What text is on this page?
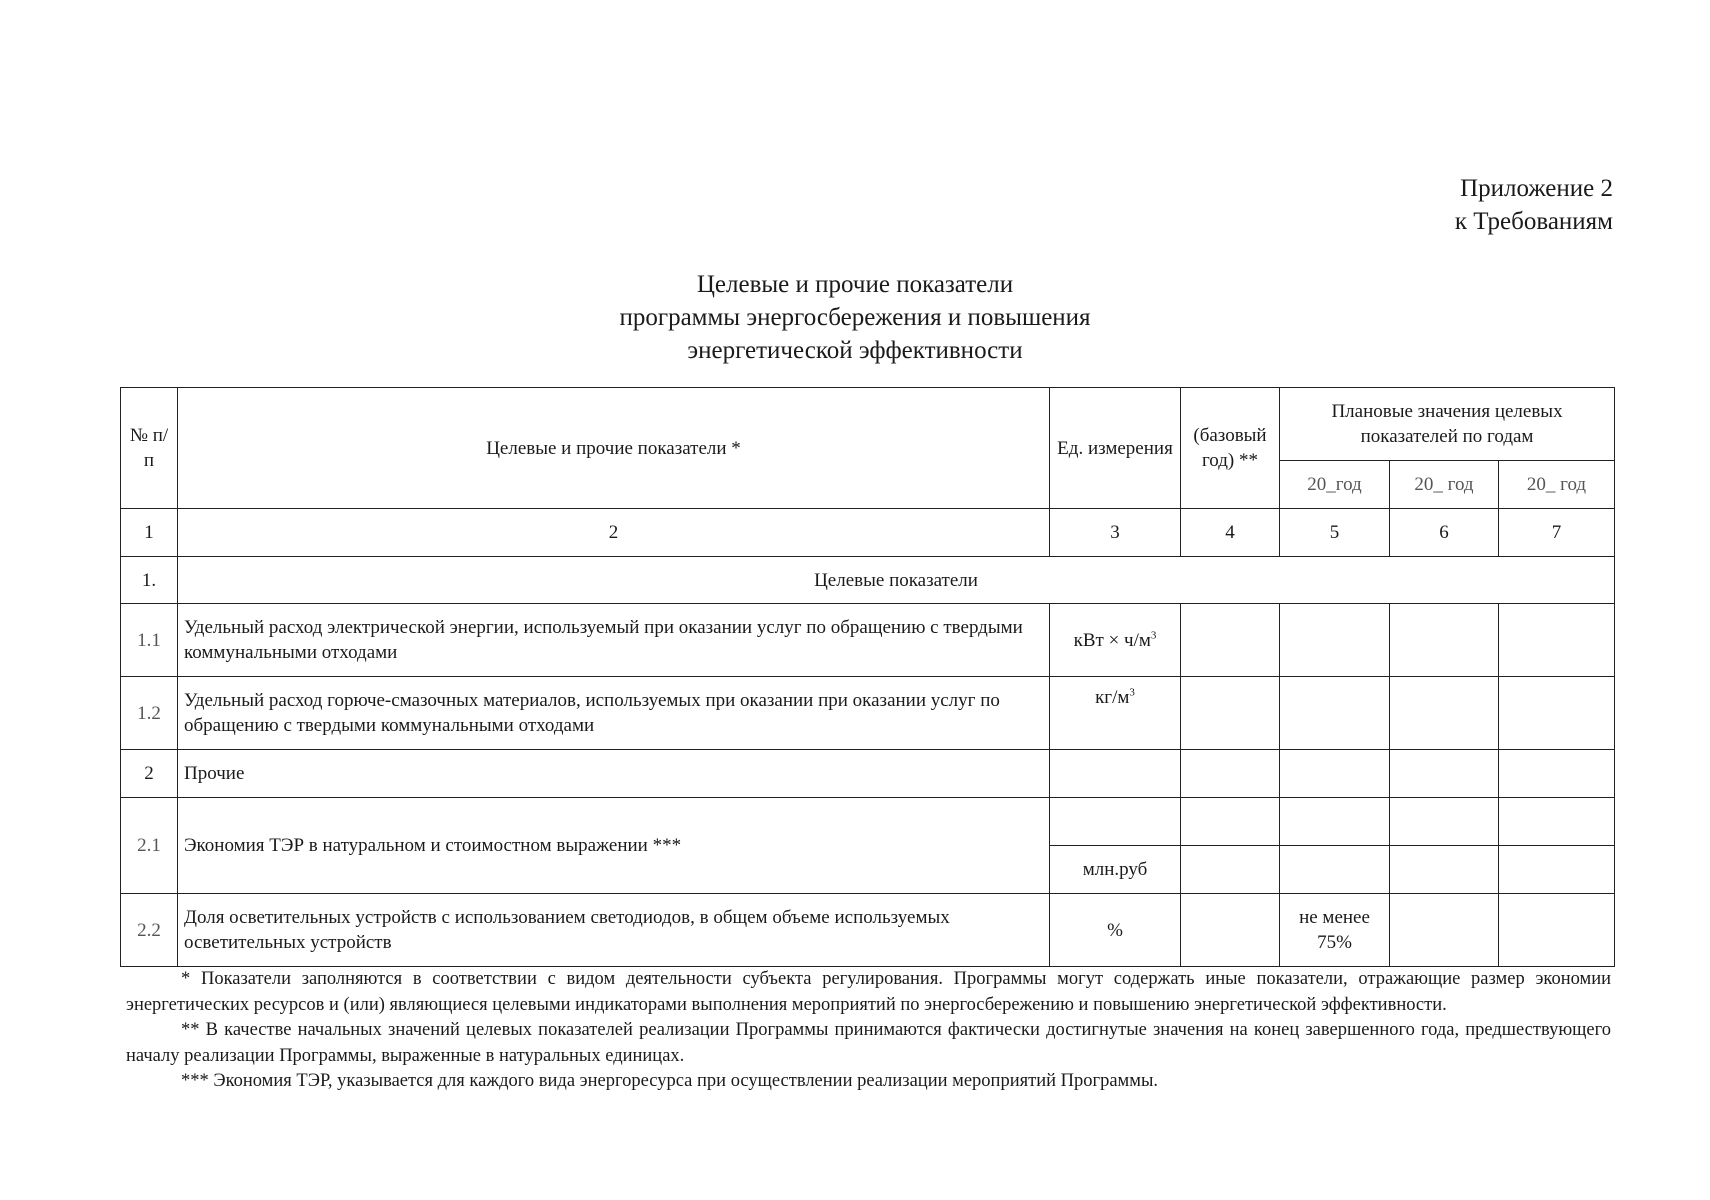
Приложение 2
к Требованиям
Целевые и прочие показатели
программы энергосбережения и повышения
энергетической эффективности
№ п/п	Целевые и прочие показатели *	Ед. измерения	(базовый год) **	Плановые значения целевых показателей по годам		
				20_год	20_ год	20_ год
1	2	3	4	5	6	7
1.	Целевые показатели					
1.1	Удельный расход электрической энергии, используемый при оказании услуг по обращению с твердыми коммунальными отходами	кВт × $ч/м^3$				
1.2	Удельный расход горюче-смазочных материалов, используемых при оказании при оказании услуг по обращению с твердыми коммунальными отходами	$кг/м^3$				
2	Прочие					
2.1	Экономия ТЭР в натуральном и стоимостном выражении ***					
		млн.руб				
2.2	Доля осветительных устройств с использованием светодиодов, в общем объеме используемых осветительных устройств	%		не менее 75%		

* Показатели заполняются в соответствии с видом деятельности субъекта регулирования. Программы могут содержать иные показатели, отражающие размер экономии энергетических ресурсов и (или) являющиеся целевыми индикаторами выполнения мероприятий по энергосбережению и повышению энергетической эффективности.

** В качестве начальных значений целевых показателей реализации Программы принимаются фактически достигнутые значения на конец завершенного года, предшествующего началу реализации Программы, выраженные в натуральных единицах.

*** Экономия ТЭР, указывается для каждого вида энергоресурса при осуществлении реализации мероприятий Программы.
